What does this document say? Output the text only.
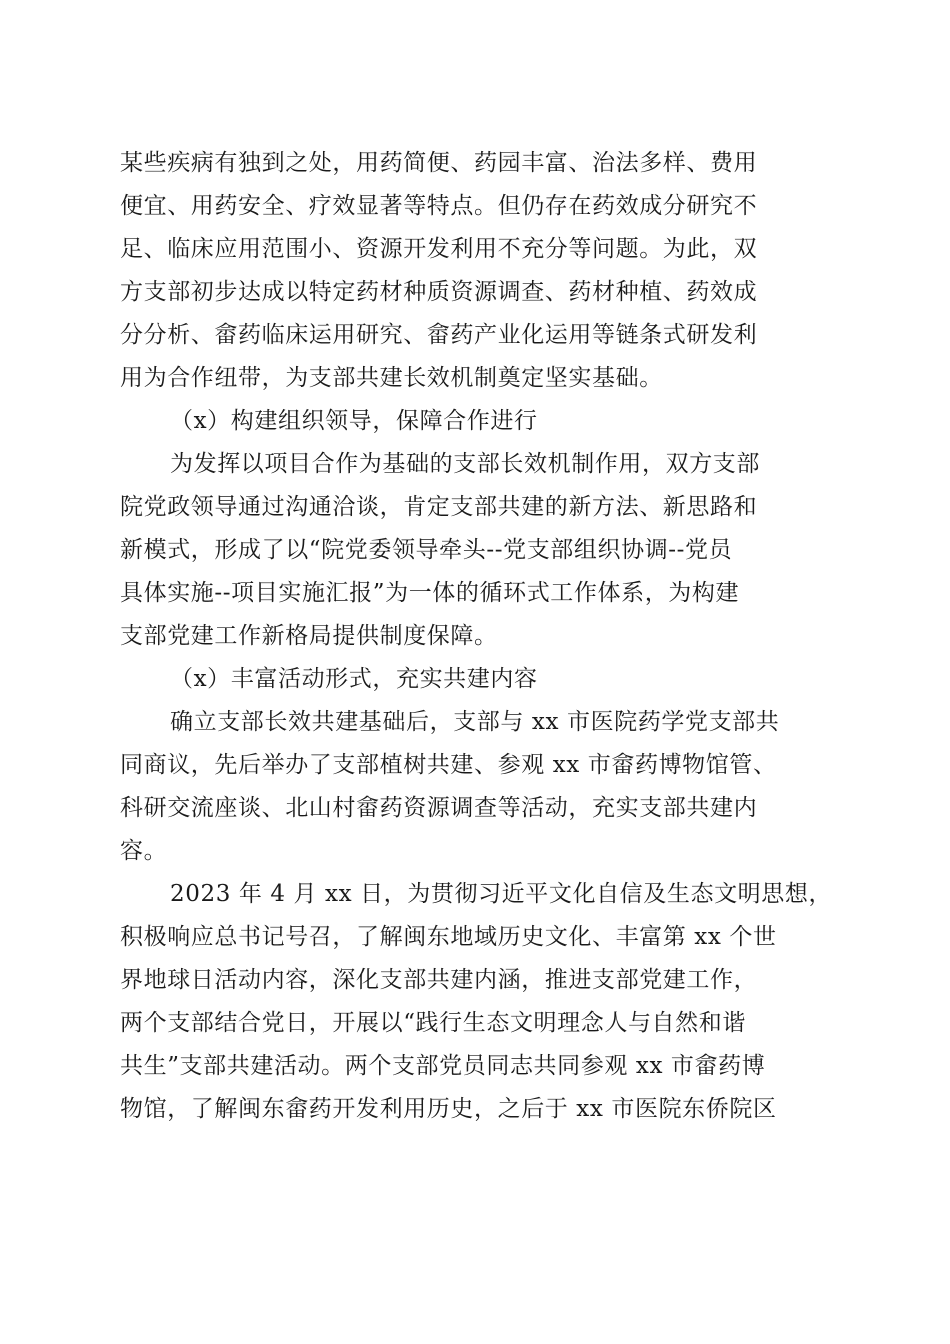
某些疾病有独到之处，用药简便、药园丰富、治法多样、费用
便宜、用药安全、疗效显著等特点。但仍存在药效成分研究不
足、临床应用范围小、资源开发利用不充分等问题。为此，双
方支部初步达成以特定药材种质资源调查、药材种植、药效成
分分析、畲药临床运用研究、畲药产业化运用等链条式研发利
用为合作纽带，为支部共建长效机制奠定坚实基础。
（x）构建组织领导，保障合作进行
为发挥以项目合作为基础的支部长效机制作用，双方支部
院党政领导通过沟通洽谈，肯定支部共建的新方法、新思路和
新模式，形成了以“院党委领导牵头--党支部组织协调--党员
具体实施--项目实施汇报”为一体的循环式工作体系，为构建
支部党建工作新格局提供制度保障。
（x）丰富活动形式，充实共建内容
确立支部长效共建基础后，支部与 xx 市医院药学党支部共
同商议，先后举办了支部植树共建、参观 xx 市畲药博物馆管、
科研交流座谈、北山村畲药资源调查等活动，充实支部共建内
容。
2023 年 4 月 xx 日，为贯彻习近平文化自信及生态文明思想，
积极响应总书记号召，了解闽东地域历史文化、丰富第 xx 个世
界地球日活动内容，深化支部共建内涵，推进支部党建工作，
两个支部结合党日，开展以“践行生态文明理念人与自然和谐
共生”支部共建活动。两个支部党员同志共同参观 xx 市畲药博
物馆，了解闽东畲药开发利用历史，之后于 xx 市医院东侨院区
